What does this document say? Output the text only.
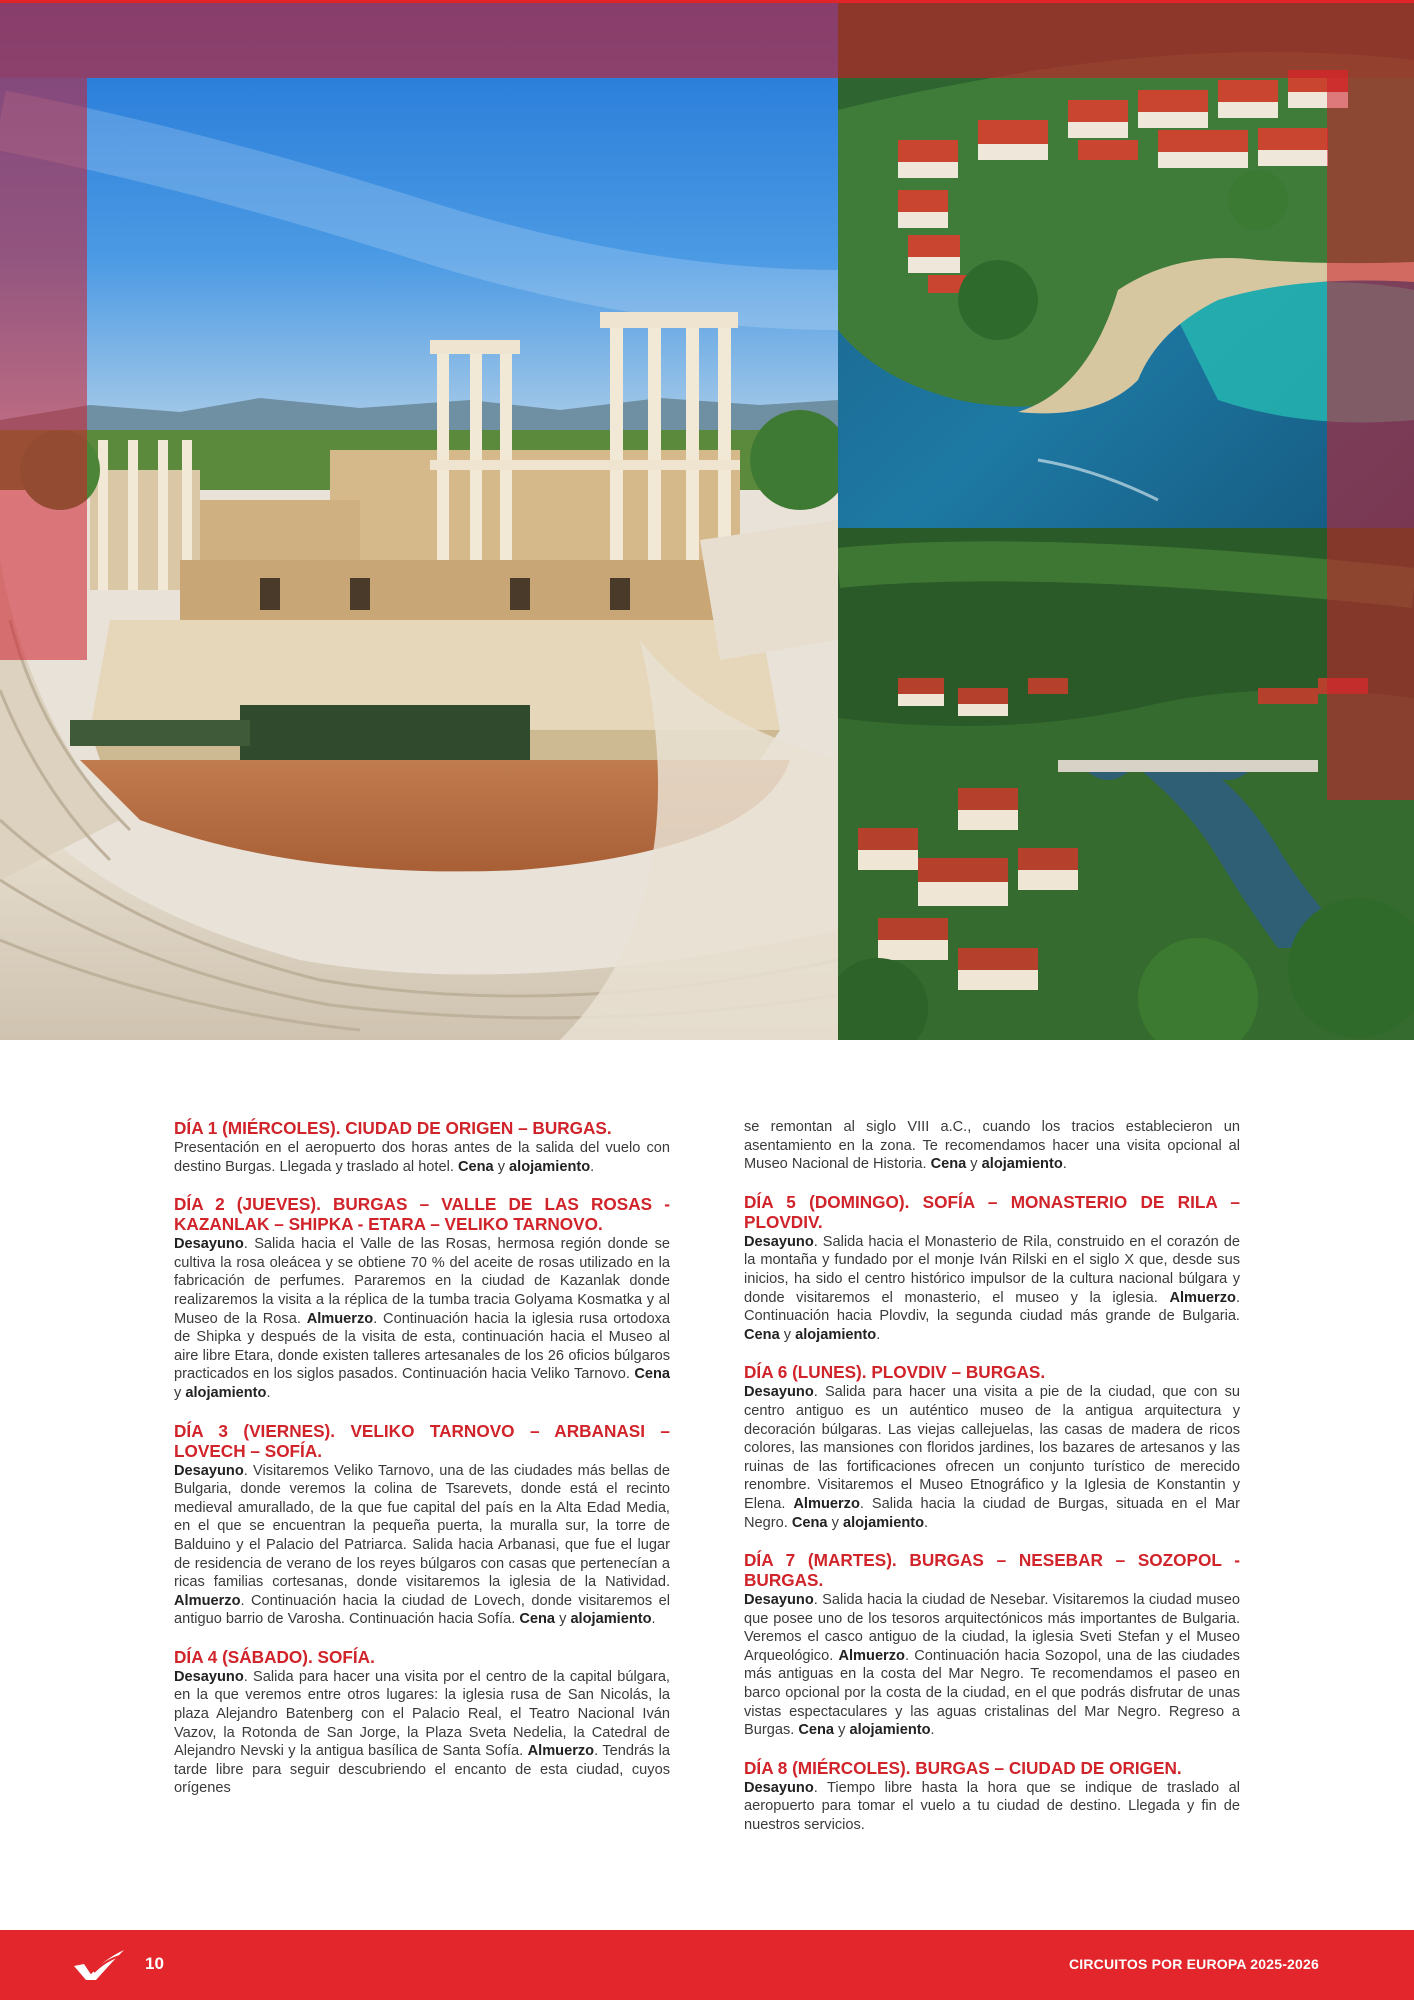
DÍA 1 (MIÉRCOLES). CIUDAD DE ORIGEN – BURGAS.

Presentación en el aeropuerto dos horas antes de la salida del vuelo con destino Burgas. Llegada y traslado al hotel. Cena y alojamiento.

DÍA 2 (JUEVES). BURGAS – VALLE DE LAS ROSAS - KAZANLAK – SHIPKA - ETARA – VELIKO TARNOVO.

Desayuno. Salida hacia el Valle de las Rosas, hermosa región donde se cultiva la rosa oleácea y se obtiene 70 % del aceite de rosas utilizado en la fabricación de perfumes. Pararemos en la ciudad de Kazanlak donde realizaremos la visita a la réplica de la tumba tracia Golyama Kosmatka y al Museo de la Rosa. Almuerzo. Continuación hacia la iglesia rusa ortodoxa de Shipka y después de la visita de esta, continuación hacia el Museo al aire libre Etara, donde existen talleres artesanales de los 26 oficios búlgaros practicados en los siglos pasados. Continuación hacia Veliko Tarnovo. Cena y alojamiento.

DÍA 3 (VIERNES). VELIKO TARNOVO – ARBANASI – LOVECH – SOFÍA.

Desayuno. Visitaremos Veliko Tarnovo, una de las ciudades más bellas de Bulgaria, donde veremos la colina de Tsarevets, donde está el recinto medieval amurallado, de la que fue capital del país en la Alta Edad Media, en el que se encuentran la pequeña puerta, la muralla sur, la torre de Balduino y el Palacio del Patriarca. Salida hacia Arbanasi, que fue el lugar de residencia de verano de los reyes búlgaros con casas que pertenecían a ricas familias cortesanas, donde visitaremos la iglesia de la Natividad. Almuerzo. Continuación hacia la ciudad de Lovech, donde visitaremos el antiguo barrio de Varosha. Continuación hacia Sofía. Cena y alojamiento.

DÍA 4 (SÁBADO). SOFÍA.

Desayuno. Salida para hacer una visita por el centro de la capital búlgara, en la que veremos entre otros lugares: la iglesia rusa de San Nicolás, la plaza Alejandro Batenberg con el Palacio Real, el Teatro Nacional Iván Vazov, la Rotonda de San Jorge, la Plaza Sveta Nedelia, la Catedral de Alejandro Nevski y la antigua basílica de Santa Sofía. Almuerzo. Tendrás la tarde libre para seguir descubriendo el encanto de esta ciudad, cuyos orígenes

se remontan al siglo VIII a.C., cuando los tracios establecieron un asentamiento en la zona. Te recomendamos hacer una visita opcional al Museo Nacional de Historia. Cena y alojamiento.

DÍA 5 (DOMINGO). SOFÍA – MONASTERIO DE RILA – PLOVDIV.

Desayuno. Salida hacia el Monasterio de Rila, construido en el corazón de la montaña y fundado por el monje Iván Rilski en el siglo X que, desde sus inicios, ha sido el centro histórico impulsor de la cultura nacional búlgara y donde visitaremos el monasterio, el museo y la iglesia. Almuerzo. Continuación hacia Plovdiv, la segunda ciudad más grande de Bulgaria. Cena y alojamiento.

DÍA 6 (LUNES). PLOVDIV – BURGAS.

Desayuno. Salida para hacer una visita a pie de la ciudad, que con su centro antiguo es un auténtico museo de la antigua arquitectura y decoración búlgaras. Las viejas callejuelas, las casas de madera de ricos colores, las mansiones con floridos jardines, los bazares de artesanos y las ruinas de las fortificaciones ofrecen un conjunto turístico de merecido renombre. Visitaremos el Museo Etnográfico y la Iglesia de Konstantin y Elena. Almuerzo. Salida hacia la ciudad de Burgas, situada en el Mar Negro. Cena y alojamiento.

DÍA 7 (MARTES). BURGAS – NESEBAR – SOZOPOL - BURGAS.

Desayuno. Salida hacia la ciudad de Nesebar. Visitaremos la ciudad museo que posee uno de los tesoros arquitectónicos más importantes de Bulgaria. Veremos el casco antiguo de la ciudad, la iglesia Sveti Stefan y el Museo Arqueológico. Almuerzo. Continuación hacia Sozopol, una de las ciudades más antiguas en la costa del Mar Negro. Te recomendamos el paseo en barco opcional por la costa de la ciudad, en el que podrás disfrutar de unas vistas espectaculares y las aguas cristalinas del Mar Negro. Regreso a Burgas. Cena y alojamiento.

DÍA 8 (MIÉRCOLES). BURGAS – CIUDAD DE ORIGEN.

Desayuno. Tiempo libre hasta la hora que se indique de traslado al aeropuerto para tomar el vuelo a tu ciudad de destino. Llegada y fin de nuestros servicios.

10	CIRCUITOS POR EUROPA 2025-2026
